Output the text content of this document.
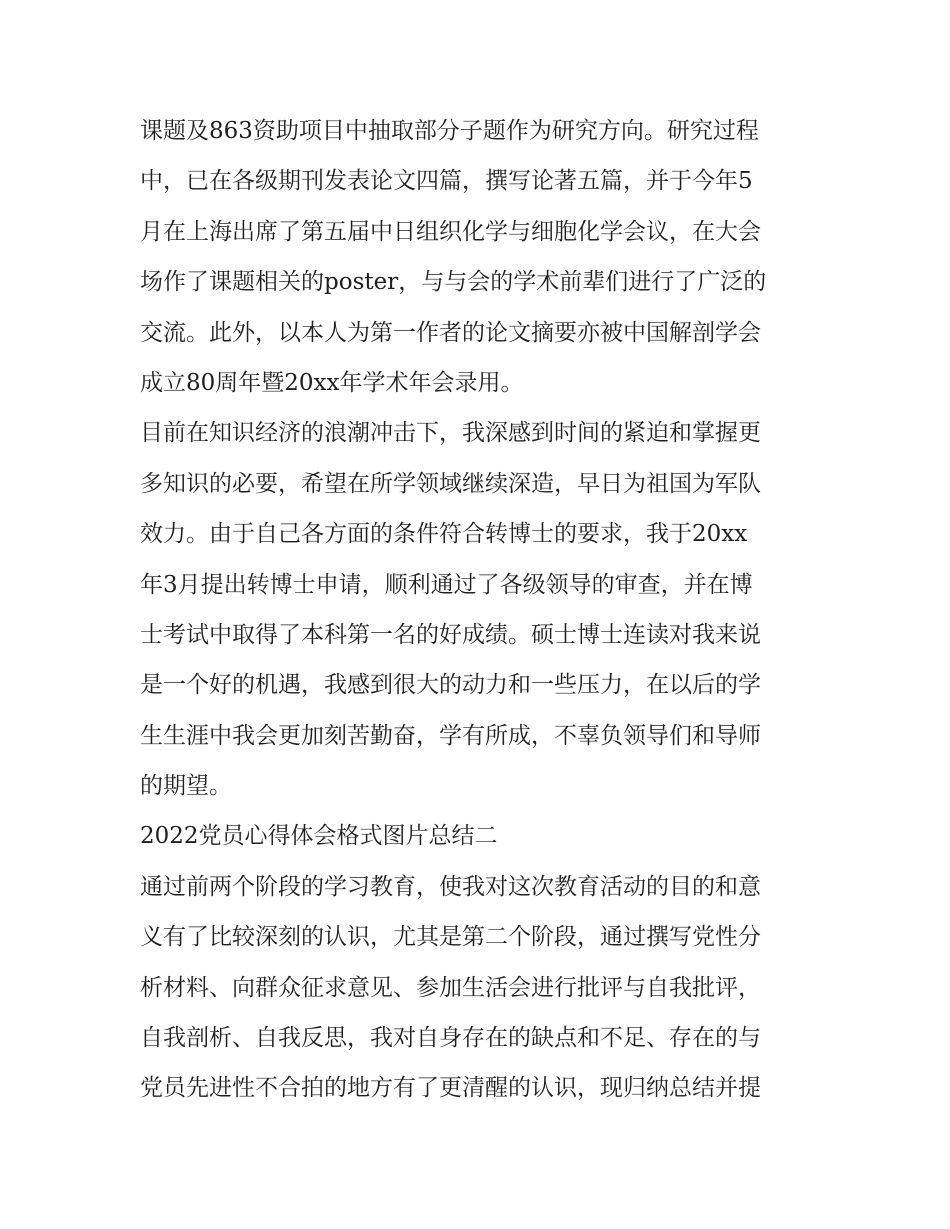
课题及863资助项目中抽取部分子题作为研究方向。研究过程
中，已在各级期刊发表论文四篇，撰写论著五篇，并于今年5
月在上海出席了第五届中日组织化学与细胞化学会议，在大会
场作了课题相关的poster，与与会的学术前辈们进行了广泛的
交流。此外，以本人为第一作者的论文摘要亦被中国解剖学会
成立80周年暨20xx年学术年会录用。
目前在知识经济的浪潮冲击下，我深感到时间的紧迫和掌握更
多知识的必要，希望在所学领域继续深造，早日为祖国为军队
效力。由于自己各方面的条件符合转博士的要求，我于20xx
年3月提出转博士申请，顺利通过了各级领导的审查，并在博
士考试中取得了本科第一名的好成绩。硕士博士连读对我来说
是一个好的机遇，我感到很大的动力和一些压力，在以后的学
生生涯中我会更加刻苦勤奋，学有所成，不辜负领导们和导师
的期望。
2022党员心得体会格式图片总结二
通过前两个阶段的学习教育，使我对这次教育活动的目的和意
义有了比较深刻的认识，尤其是第二个阶段，通过撰写党性分
析材料、向群众征求意见、参加生活会进行批评与自我批评，
自我剖析、自我反思，我对自身存在的缺点和不足、存在的与
党员先进性不合拍的地方有了更清醒的认识，现归纳总结并提
